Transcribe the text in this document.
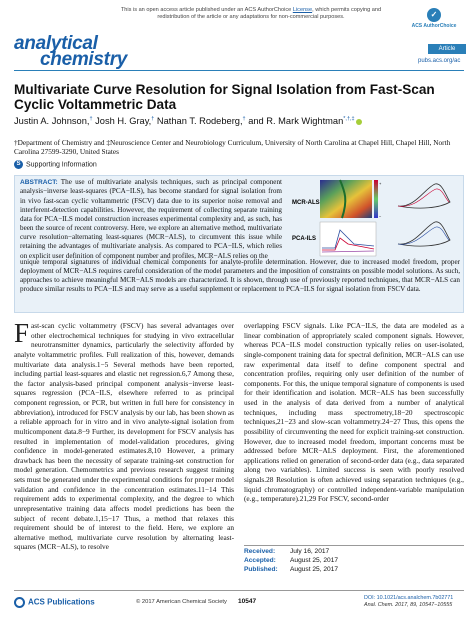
This is an open access article published under an ACS AuthorChoice License, which permits copying and redistribution of the article or any adaptations for non-commercial purposes.	✓
ACS AuthorChoice
analytical
chemistry
Article
pubs.acs.org/ac
Multivariate Curve Resolution for Signal Isolation from Fast-Scan Cyclic Voltammetric Data
Justin A. Johnson,† Josh H. Gray,† Nathan T. Rodeberg,† and R. Mark Wightman*,†,‡
†Department of Chemistry and ‡Neuroscience Center and Neurobiology Curriculum, University of North Carolina at Chapel Hill, Chapel Hill, North Carolina 27599-3290, United States
S Supporting Information
ABSTRACT: The use of multivariate analysis techniques, such as principal component analysis−inverse least-squares (PCA−ILS), has become standard for signal isolation from in vivo fast-scan cyclic voltammetric (FSCV) data due to its superior noise removal and interferent-detection capabilities. However, the requirement of collecting separate training data for PCA−ILS model construction increases experimental complexity and, as such, has been the source of recent controversy. Here, we explore an alternative method, multivariate curve resolution−alternating least-squares (MCR−ALS), to circumvent this issue while retaining the advantages of multivariate analysis. As compared to PCA−ILS, which relies on explicit user definition of component number and profiles, MCR−ALS relies on the
MCR-ALS
PCA-ILS
+
−
unique temporal signatures of individual chemical components for analyte-profile determination. However, due to increased model freedom, proper deployment of MCR−ALS requires careful consideration of the model parameters and the imposition of constraints on possible model solutions. As such, approaches to achieve meaningful MCR−ALS models are characterized. It is shown, through use of previously reported techniques, that MCR−ALS can produce similar results to PCA−ILS and may serve as a useful supplement or replacement to PCA−ILS for signal isolation from FSCV data.
Fast-scan cyclic voltammetry (FSCV) has several advantages over other electrochemical techniques for studying in vivo extracellular neurotransmitter dynamics, particularly the selectivity afforded by analyte voltammetric profiles. Full realization of this, however, demands multivariate data analysis.1−5 Several methods have been reported, including partial least-squares and elastic net regression.6,7 Among these, the factor analysis-based principal component analysis−inverse least-squares regression (PCA−ILS, elsewhere referred to as principal component regression, or PCR, but written in full here for consistency in abbreviation), introduced for FSCV analysis by our lab, has been shown as a reliable approach for in vitro and in vivo analyte-signal isolation from multicomponent data.8−9 Further, its development for FSCV analysis has resulted in implementation of model-validation procedures, giving confidence in model-generated estimates.8,10 However, a primary drawback has been the necessity of separate training-set construction for model generation. Chemometrics and previous research suggest training sets must be generated under the experimental conditions for proper model validation and confidence in the concentration estimates.11−14 This requirement adds to experimental complexity, and the degree to which unrepresentative training data affects model predictions has been the subject of recent debate.1,15−17 Thus, a method that relaxes this requirement should be of interest to the field. Here, we explore an alternative method, multivariate curve resolution by alternating least-squares (MCR−ALS), to resolve
overlapping FSCV signals. Like PCA−ILS, the data are modeled as a linear combination of appropriately scaled component signals. However, whereas PCA−ILS model construction typically relies on user-isolated, single-component training data for spectral definition, MCR−ALS can use raw experimental data itself to define component spectral and concentration profiles, requiring only user definition of the number of components. For this, the unique temporal signature of components is used for their identification and isolation. MCR−ALS has been successfully used in the analysis of data derived from a number of analytical techniques, including mass spectrometry,18−20 spectroscopic techniques,21−23 and slow-scan voltammetry.24−27 Thus, this opens the possibility of circumventing the need for explicit training-set construction. However, due to increased model freedom, important concerns must be addressed before MCR−ALS deployment. First, the aforementioned applications relied on generation of second-order data (e.g., data separated along two variables). Limited success is seen with poorly resolved signals.28 Resolution is often achieved using separation techniques (e.g., liquid chromatography) or controlled independent-variable manipulation (e.g., temperature).21,29 For FSCV, second-order
Received: July 16, 2017
Accepted: August 25, 2017
Published: August 25, 2017
ACS Publications	© 2017 American Chemical Society 10547	DOI: 10.1021/acs.analchem.7b02771
Anal. Chem. 2017, 89, 10547−10555
